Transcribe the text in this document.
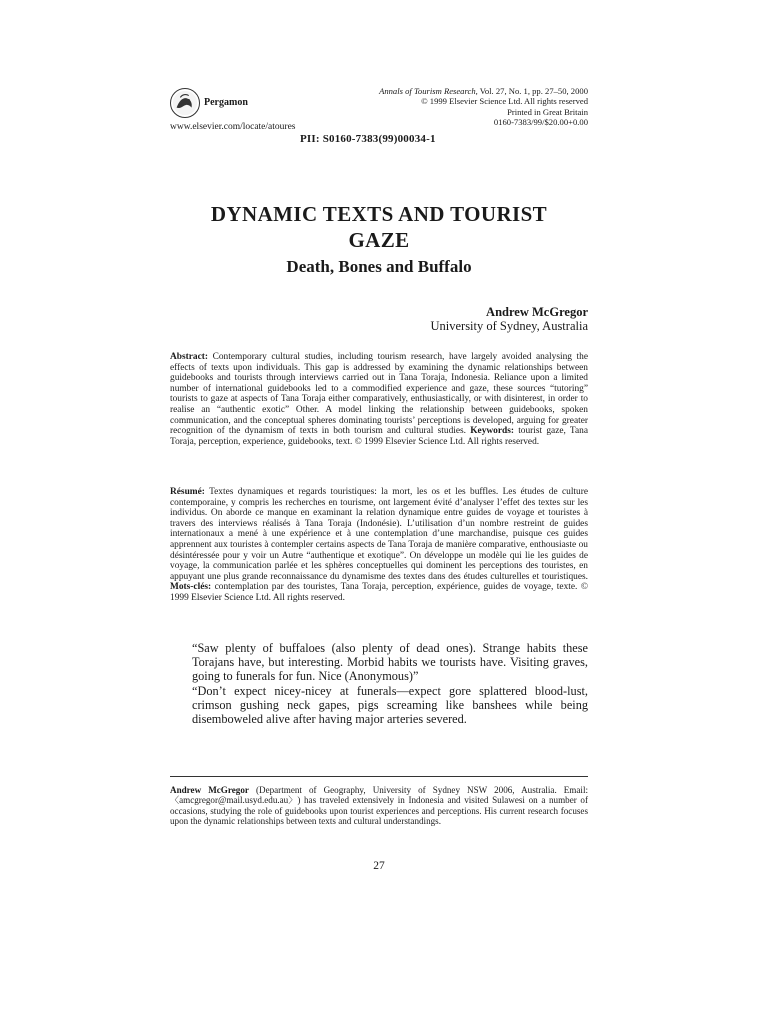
Pergamon
www.elsevier.com/locate/atoures
Annals of Tourism Research, Vol. 27, No. 1, pp. 27–50, 2000
© 1999 Elsevier Science Ltd. All rights reserved
Printed in Great Britain
0160-7383/99/$20.00+0.00
PII: S0160-7383(99)00034-1
DYNAMIC TEXTS AND TOURIST
GAZE
Death, Bones and Buffalo
Andrew McGregor
University of Sydney, Australia
Abstract: Contemporary cultural studies, including tourism research, have largely avoided analysing the effects of texts upon individuals. This gap is addressed by examining the dynamic relationships between guidebooks and tourists through interviews carried out in Tana Toraja, Indonesia. Reliance upon a limited number of international guidebooks led to a commodified experience and gaze, these sources “tutoring” tourists to gaze at aspects of Tana Toraja either comparatively, enthusiastically, or with disinterest, in order to realise an “authentic exotic” Other. A model linking the relationship between guidebooks, spoken communication, and the conceptual spheres dominating tourists’ perceptions is developed, arguing for greater recognition of the dynamism of texts in both tourism and cultural studies. Keywords: tourist gaze, Tana Toraja, perception, experience, guidebooks, text. © 1999 Elsevier Science Ltd. All rights reserved.
Résumé: Textes dynamiques et regards touristiques: la mort, les os et les buffles. Les études de culture contemporaine, y compris les recherches en tourisme, ont largement évité d’analyser l’effet des textes sur les individus. On aborde ce manque en examinant la relation dynamique entre guides de voyage et touristes à travers des interviews réalisés à Tana Toraja (Indonésie). L’utilisation d’un nombre restreint de guides internationaux a mené à une expérience et à une contemplation d’une marchandise, puisque ces guides apprennent aux touristes à contempler certains aspects de Tana Toraja de manière comparative, enthousiaste ou désintéressée pour y voir un Autre “authentique et exotique”. On développe un modèle qui lie les guides de voyage, la communication parlée et les sphères conceptuelles qui dominent les perceptions des touristes, en appuyant une plus grande reconnaissance du dynamisme des textes dans des études culturelles et touristiques. Mots-clés: contemplation par des touristes, Tana Toraja, perception, expérience, guides de voyage, texte. © 1999 Elsevier Science Ltd. All rights reserved.

“Saw plenty of buffaloes (also plenty of dead ones). Strange habits these Torajans have, but interesting. Morbid habits we tourists have. Visiting graves, going to funerals for fun. Nice (Anonymous)”

“Don’t expect nicey-nicey at funerals—expect gore splattered blood-lust, crimson gushing neck gapes, pigs screaming like banshees while being disemboweled alive after having major arteries severed.

Andrew McGregor (Department of Geography, University of Sydney NSW 2006, Australia. Email: 〈amcgregor@mail.usyd.edu.au〉) has traveled extensively in Indonesia and visited Sulawesi on a number of occasions, studying the role of guidebooks upon tourist experiences and perceptions. His current research focuses upon the dynamic relationships between texts and cultural understandings.
27
